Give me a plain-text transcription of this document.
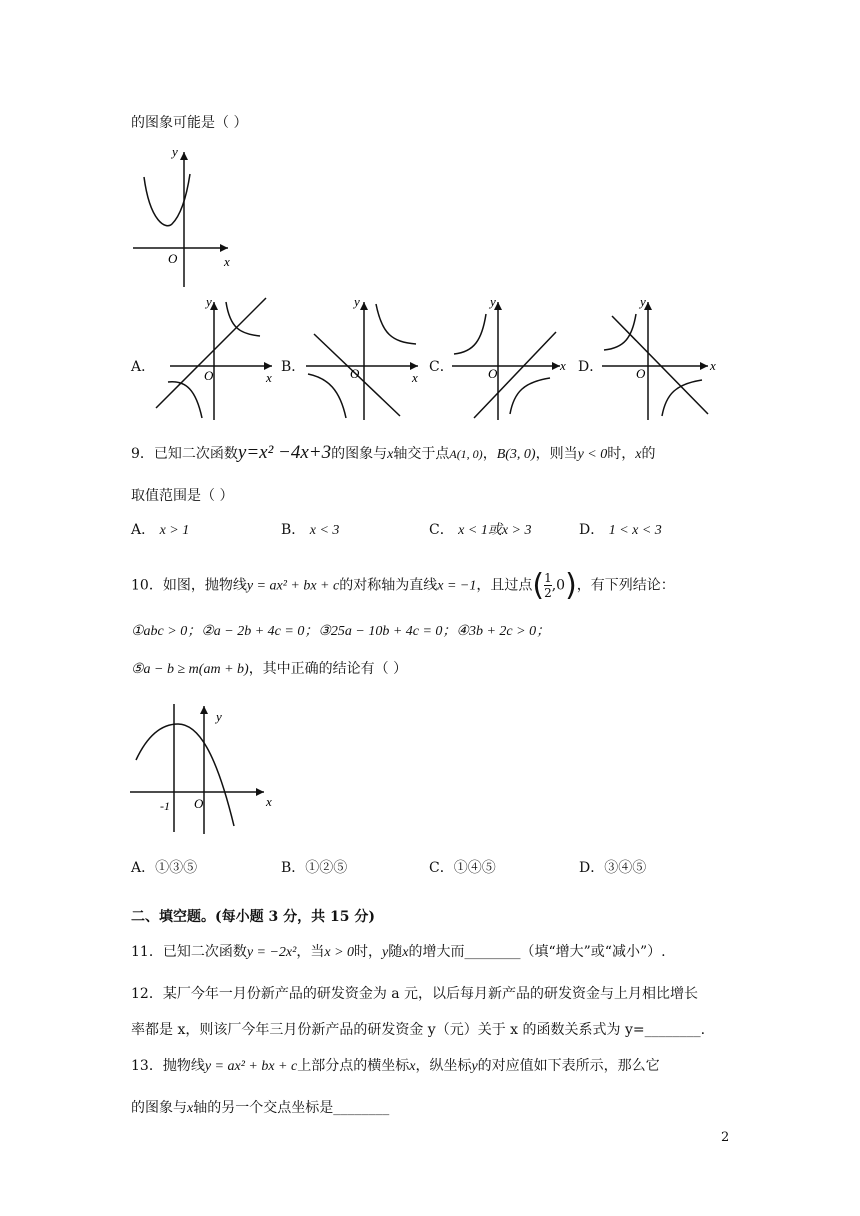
的图象可能是（ ）
y
x
O
A．	B．	C．	D．
y
x
O
y
x
O
y
x
O
y
x
O
9．已知二次函数y=x² −4x+3的图象与x轴交于点A(1, 0)，B(3, 0)，则当y < 0时，x的
取值范围是（ ）
A． x > 1	B． x < 3	C． x < 1或x > 3	D． 1 < x < 3
10．如图，抛物线y = ax² + bx + c的对称轴为直线x = −1，且过点( $\frac{1}{2} ,0$)，有下列结论：
①abc > 0；②a − 2b + 4c = 0；③25a − 10b + 4c = 0；④3b + 2c > 0；
⑤a − b ≥ m(am + b)，其中正确的结论有（ ）
y
x
O
-1
A．①③⑤	B．①②⑤	C．①④⑤	D．③④⑤
二、填空题。(每小题 3 分，共 15 分)
11．已知二次函数y = −2x²，当x > 0时，y随x的增大而________（填“增大”或“减小”）.
12．某厂今年一月份新产品的研发资金为 a 元，以后每月新产品的研发资金与上月相比增长
率都是 x，则该厂今年三月份新产品的研发资金 y（元）关于 x 的函数关系式为 y=________.
13．抛物线y = ax² + bx + c上部分点的横坐标x，纵坐标y的对应值如下表所示，那么它
的图象与x轴的另一个交点坐标是________
2
